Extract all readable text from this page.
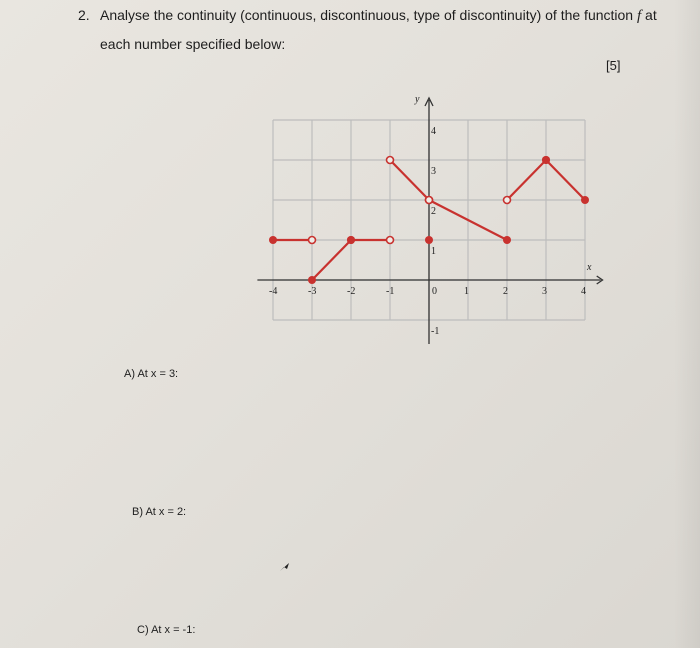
2. Analyse the continuity (continuous, discontinuous, type of discontinuity) of the function f at
each number specified below:
[5]
y
x
-4	-3	-2	-1	0	1	2	3	4
4
3
2
1
-1
A) At x = 3:
B) At x = 2:
C) At x = -1:
